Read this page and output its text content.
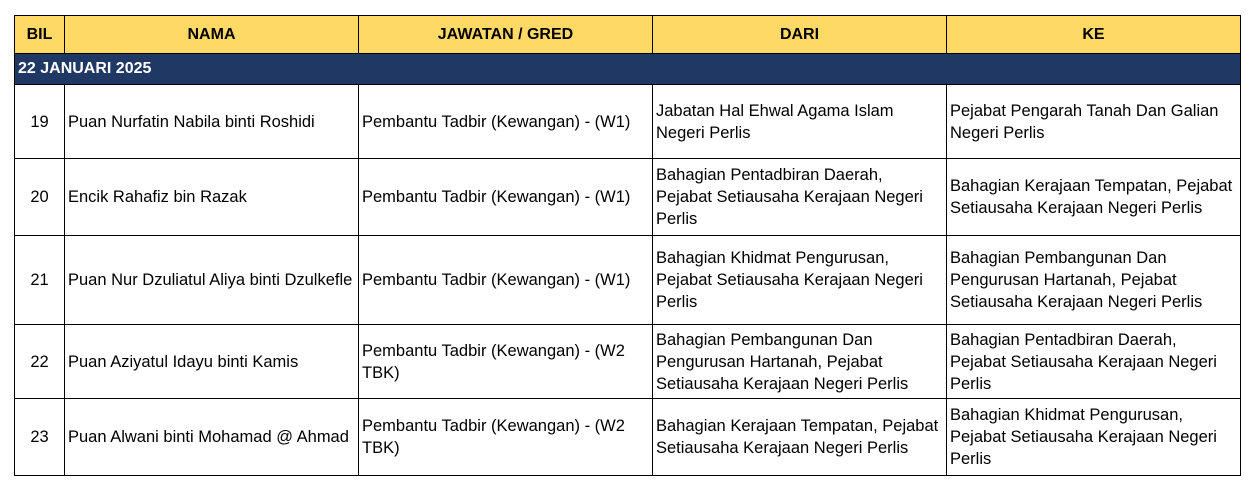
BIL	NAMA	JAWATAN / GRED	DARI	KE
22 JANUARI 2025				
19	Puan Nurfatin Nabila binti Roshidi	Pembantu Tadbir (Kewangan) - (W1)	Jabatan Hal Ehwal Agama Islam Negeri Perlis	Pejabat Pengarah Tanah Dan Galian Negeri Perlis
20	Encik Rahafiz bin Razak	Pembantu Tadbir (Kewangan) - (W1)	Bahagian Pentadbiran Daerah, Pejabat Setiausaha Kerajaan Negeri Perlis	Bahagian Kerajaan Tempatan, Pejabat Setiausaha Kerajaan Negeri Perlis
21	Puan Nur Dzuliatul Aliya binti Dzulkefle	Pembantu Tadbir (Kewangan) - (W1)	Bahagian Khidmat Pengurusan, Pejabat Setiausaha Kerajaan Negeri Perlis	Bahagian Pembangunan Dan Pengurusan Hartanah, Pejabat Setiausaha Kerajaan Negeri Perlis
22	Puan Aziyatul Idayu binti Kamis	Pembantu Tadbir (Kewangan) - (W2 TBK)	Bahagian Pembangunan Dan Pengurusan Hartanah, Pejabat Setiausaha Kerajaan Negeri Perlis	Bahagian Pentadbiran Daerah, Pejabat Setiausaha Kerajaan Negeri Perlis
23	Puan Alwani binti Mohamad @ Ahmad	Pembantu Tadbir (Kewangan) - (W2 TBK)	Bahagian Kerajaan Tempatan, Pejabat Setiausaha Kerajaan Negeri Perlis	Bahagian Khidmat Pengurusan, Pejabat Setiausaha Kerajaan Negeri Perlis
